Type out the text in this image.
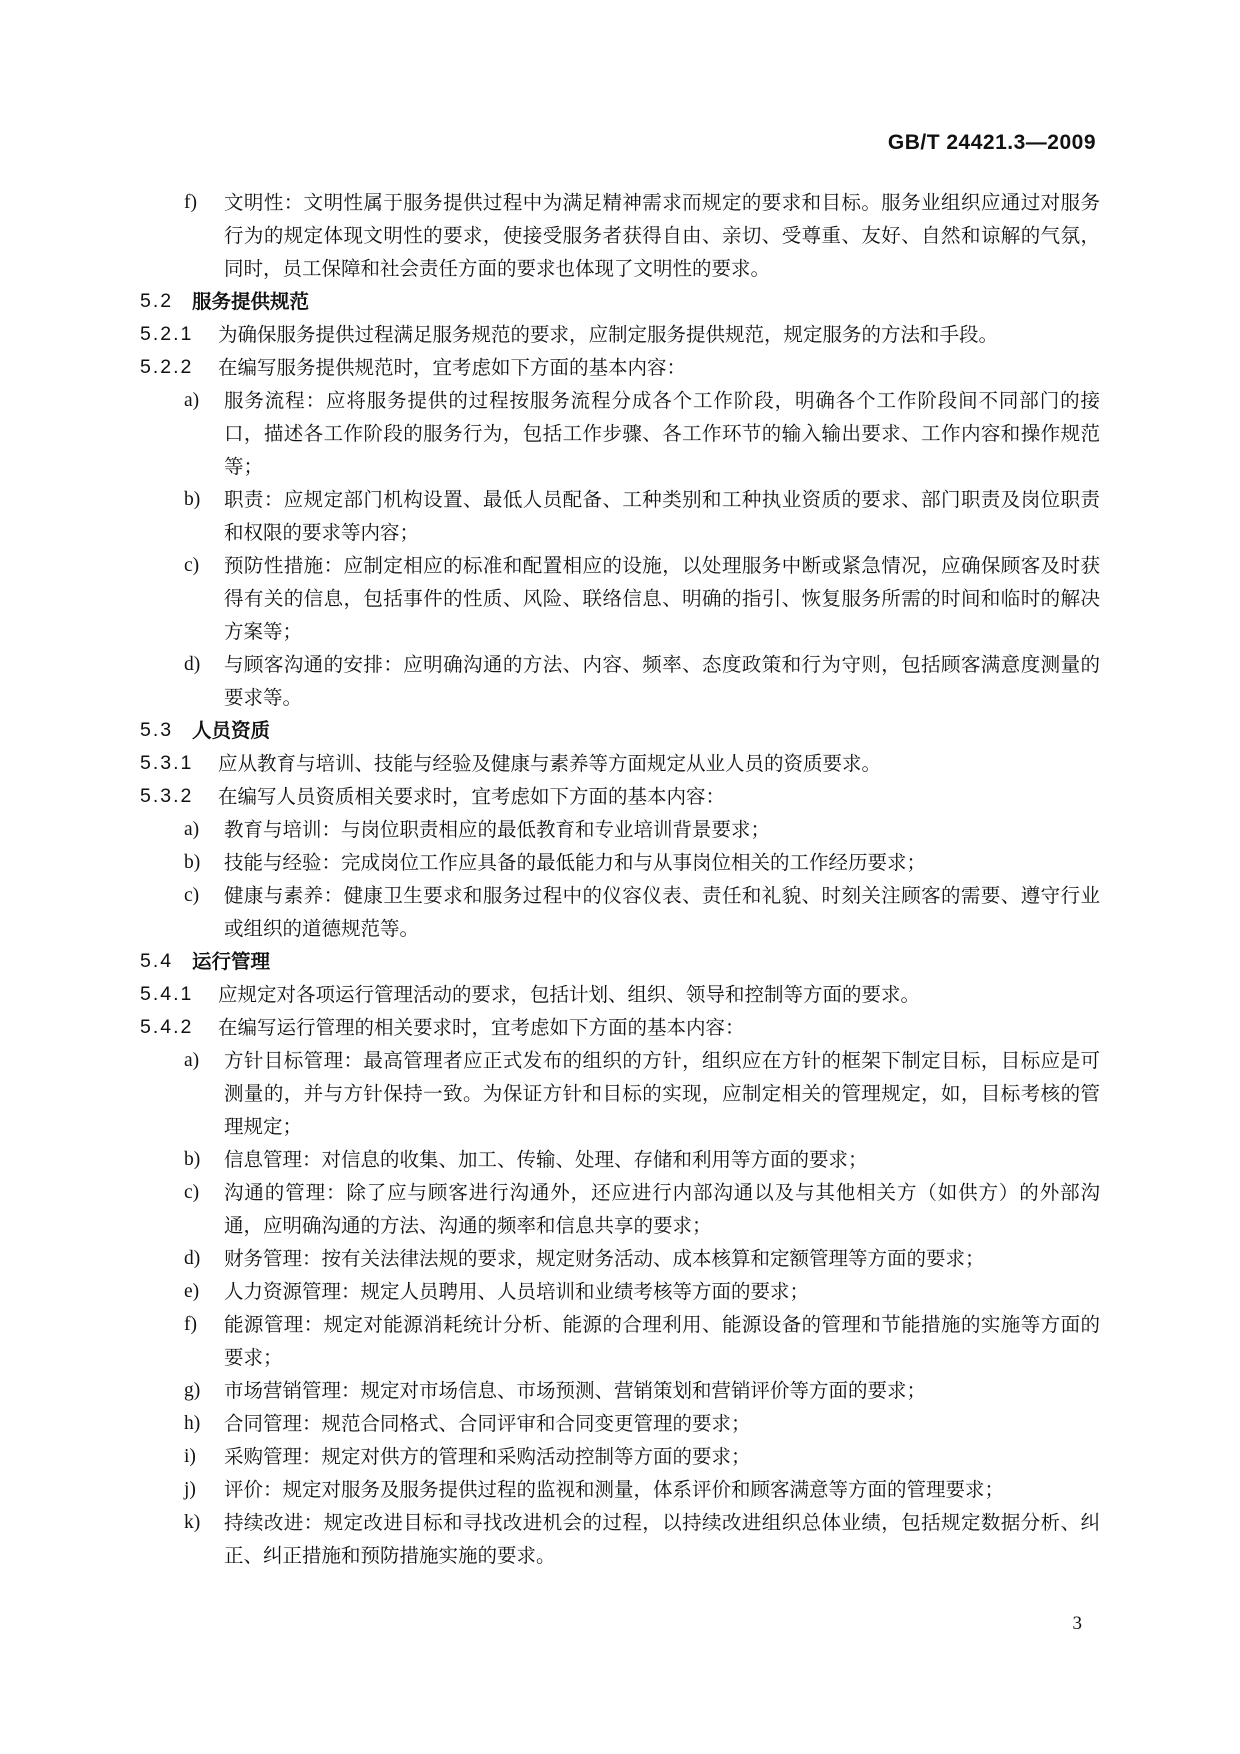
GB/T 24421.3—2009
f)	文明性：文明性属于服务提供过程中为满足精神需求而规定的要求和目标。服务业组织应通过对服务行为的规定体现文明性的要求，使接受服务者获得自由、亲切、受尊重、友好、自然和谅解的气氛，同时，员工保障和社会责任方面的要求也体现了文明性的要求。
5.2 服务提供规范
5.2.1	为确保服务提供过程满足服务规范的要求，应制定服务提供规范，规定服务的方法和手段。
5.2.2	在编写服务提供规范时，宜考虑如下方面的基本内容：
a)	服务流程：应将服务提供的过程按服务流程分成各个工作阶段，明确各个工作阶段间不同部门的接口，描述各工作阶段的服务行为，包括工作步骤、各工作环节的输入输出要求、工作内容和操作规范等；
b)	职责：应规定部门机构设置、最低人员配备、工种类别和工种执业资质的要求、部门职责及岗位职责和权限的要求等内容；
c)	预防性措施：应制定相应的标准和配置相应的设施，以处理服务中断或紧急情况，应确保顾客及时获得有关的信息，包括事件的性质、风险、联络信息、明确的指引、恢复服务所需的时间和临时的解决方案等；
d)	与顾客沟通的安排：应明确沟通的方法、内容、频率、态度政策和行为守则，包括顾客满意度测量的要求等。
5.3 人员资质
5.3.1	应从教育与培训、技能与经验及健康与素养等方面规定从业人员的资质要求。
5.3.2	在编写人员资质相关要求时，宜考虑如下方面的基本内容：
a)	教育与培训：与岗位职责相应的最低教育和专业培训背景要求；
b)	技能与经验：完成岗位工作应具备的最低能力和与从事岗位相关的工作经历要求；
c)	健康与素养：健康卫生要求和服务过程中的仪容仪表、责任和礼貌、时刻关注顾客的需要、遵守行业或组织的道德规范等。
5.4 运行管理
5.4.1	应规定对各项运行管理活动的要求，包括计划、组织、领导和控制等方面的要求。
5.4.2	在编写运行管理的相关要求时，宜考虑如下方面的基本内容：
a)	方针目标管理：最高管理者应正式发布的组织的方针，组织应在方针的框架下制定目标，目标应是可测量的，并与方针保持一致。为保证方针和目标的实现，应制定相关的管理规定，如，目标考核的管理规定；
b)	信息管理：对信息的收集、加工、传输、处理、存储和利用等方面的要求；
c)	沟通的管理：除了应与顾客进行沟通外，还应进行内部沟通以及与其他相关方（如供方）的外部沟通，应明确沟通的方法、沟通的频率和信息共享的要求；
d)	财务管理：按有关法律法规的要求，规定财务活动、成本核算和定额管理等方面的要求；
e)	人力资源管理：规定人员聘用、人员培训和业绩考核等方面的要求；
f)	能源管理：规定对能源消耗统计分析、能源的合理利用、能源设备的管理和节能措施的实施等方面的要求；
g)	市场营销管理：规定对市场信息、市场预测、营销策划和营销评价等方面的要求；
h)	合同管理：规范合同格式、合同评审和合同变更管理的要求；
i)	采购管理：规定对供方的管理和采购活动控制等方面的要求；
j)	评价：规定对服务及服务提供过程的监视和测量，体系评价和顾客满意等方面的管理要求；
k)	持续改进：规定改进目标和寻找改进机会的过程，以持续改进组织总体业绩，包括规定数据分析、纠正、纠正措施和预防措施实施的要求。
3
